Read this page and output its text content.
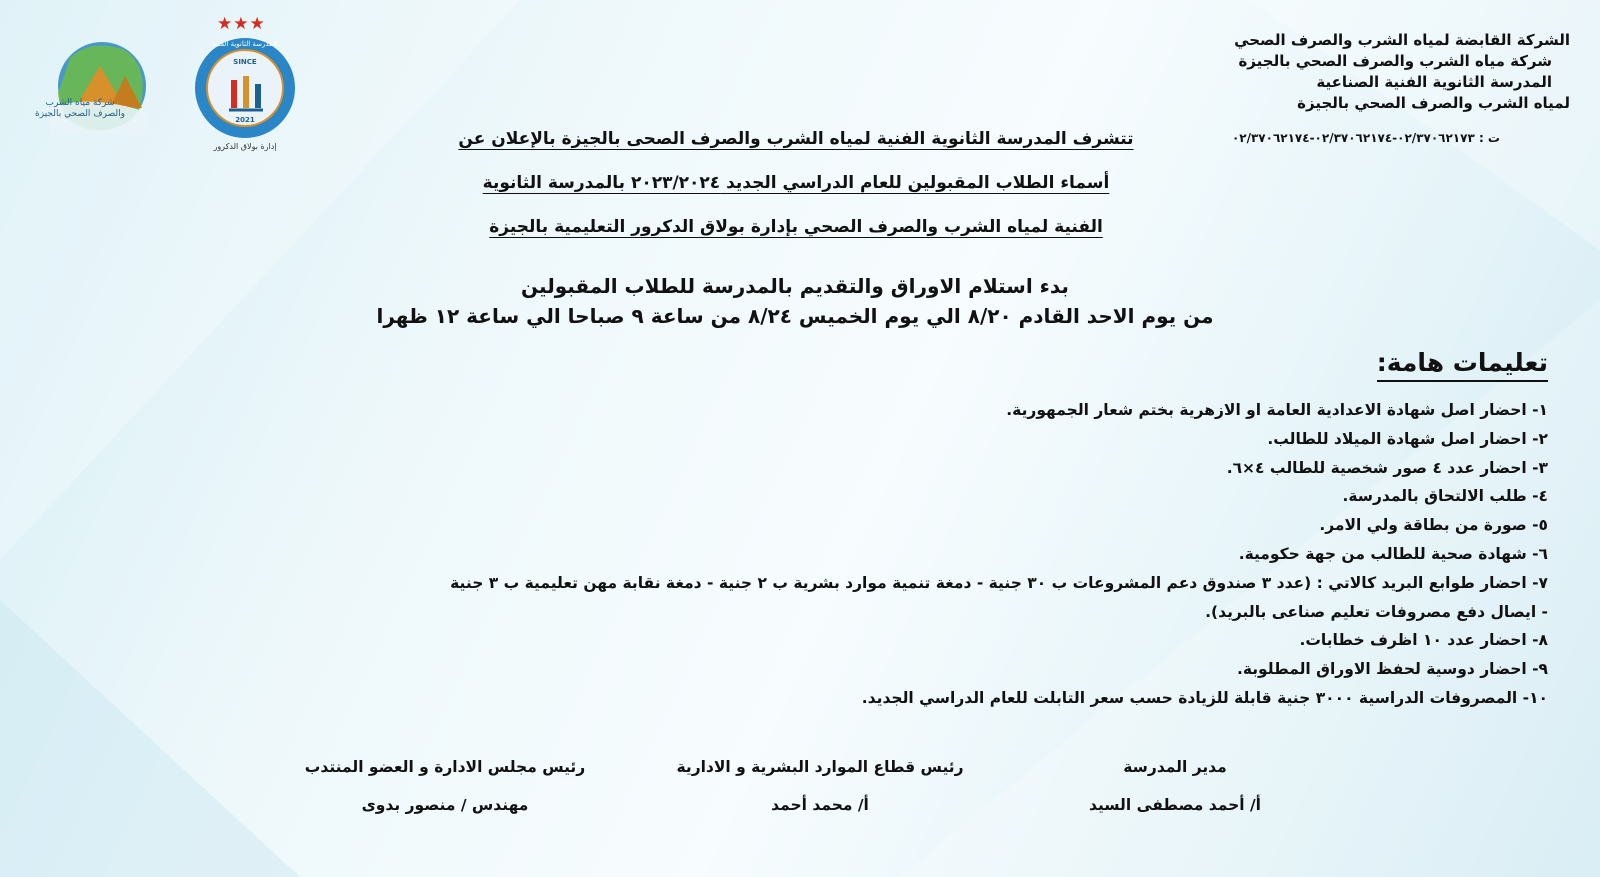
الشركة القابضة لمياه الشرب والصرف الصحي
شركة مياه الشرب والصرف الصحي بالجيزة
المدرسة الثانوية الفنية الصناعية
لمياه الشرب والصرف الصحي بالجيزة
ت : ٠٢/٣٧٠٦٢١٧٣-٠٢/٣٧٠٦٢١٧٤-٠٢/٣٧٠٦٢١٧٤
شركة مياه الشرب
والصرف الصحي بالجيزة
★★★
المدرسة الثانوية الفنية
SINCE
2021
إدارة بولاق الدكرور	تتشرف المدرسة الثانوية الفنية لمياه الشرب والصرف الصحى بالجيزة بالإعلان عن
أسماء الطلاب المقبولين للعام الدراسي الجديد ٢٠٢٣/٢٠٢٤ بالمدرسة الثانوية
الفنية لمياه الشرب والصرف الصحي بإدارة بولاق الدكرور التعليمية بالجيزة
بدء استلام الاوراق والتقديم بالمدرسة للطلاب المقبولين
من يوم الاحد القادم ٨/٢٠ الي يوم الخميس ٨/٢٤ من ساعة ٩ صباحا الي ساعة ١٢ ظهرا
تعليمات هامة:
١- احضار اصل شهادة الاعدادية العامة او الازهرية بختم شعار الجمهورية.
٢- احضار اصل شهادة الميلاد للطالب.
٣- احضار عدد ٤ صور شخصية للطالب ٤×٦.
٤- طلب الالتحاق بالمدرسة.
٥- صورة من بطاقة ولي الامر.
٦- شهادة صحية للطالب من جهة حكومية.
٧- احضار طوابع البريد كالاتي : (عدد ٣ صندوق دعم المشروعات ب ٣٠ جنية - دمغة تنمية موارد بشرية ب ٢ جنية - دمغة نقابة مهن تعليمية ب ٣ جنية
- ايصال دفع مصروفات تعليم صناعى بالبريد).
٨- احضار عدد ١٠ اظرف خطابات.
٩- احضار دوسية لحفظ الاوراق المطلوبة.
١٠- المصروفات الدراسية ٣٠٠٠ جنية قابلة للزيادة حسب سعر التابلت للعام الدراسي الجديد.
مدير المدرسة
أ/ أحمد مصطفى السيد
رئيس قطاع الموارد البشرية و الادارية
أ/ محمد أحمد
رئيس مجلس الادارة و العضو المنتدب
مهندس / منصور بدوى
